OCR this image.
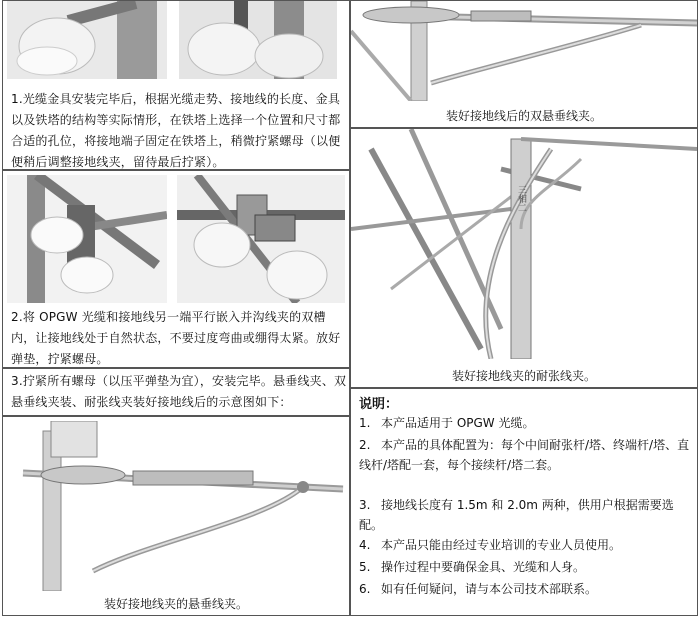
1.光缆金具安装完毕后，根据光缆走势、接地线的长度、金具以及铁塔的结构等实际情形，在铁塔上选择一个位置和尺寸都合适的孔位，将接地端子固定在铁塔上，稍微拧紧螺母（以便便稍后调整接地线夹，留待最后拧紧）。
2.将 OPGW 光缆和接地线另一端平行嵌入并沟线夹的双槽内，让接地线处于自然状态，不要过度弯曲或绷得太紧。放好弹垫，拧紧螺母。
3.拧紧所有螺母（以压平弹垫为宜），安装完毕。悬垂线夹、双悬垂线夹装、耐张线夹装好接地线后的示意图如下：
装好接地线夹的悬垂线夹。
装好接地线后的双悬垂线夹。
三相二
装好接地线夹的耐张线夹。
说明：
1. 本产品适用于 OPGW 光缆。
2. 本产品的具体配置为：每个中间耐张杆/塔、终端杆/塔、直线杆/塔配一套，每个接续杆/塔二套。
3. 接地线长度有 1.5m 和 2.0m 两种，供用户根据需要选配。
4. 本产品只能由经过专业培训的专业人员使用。
5. 操作过程中要确保金具、光缆和人身。
6. 如有任何疑问，请与本公司技术部联系。
